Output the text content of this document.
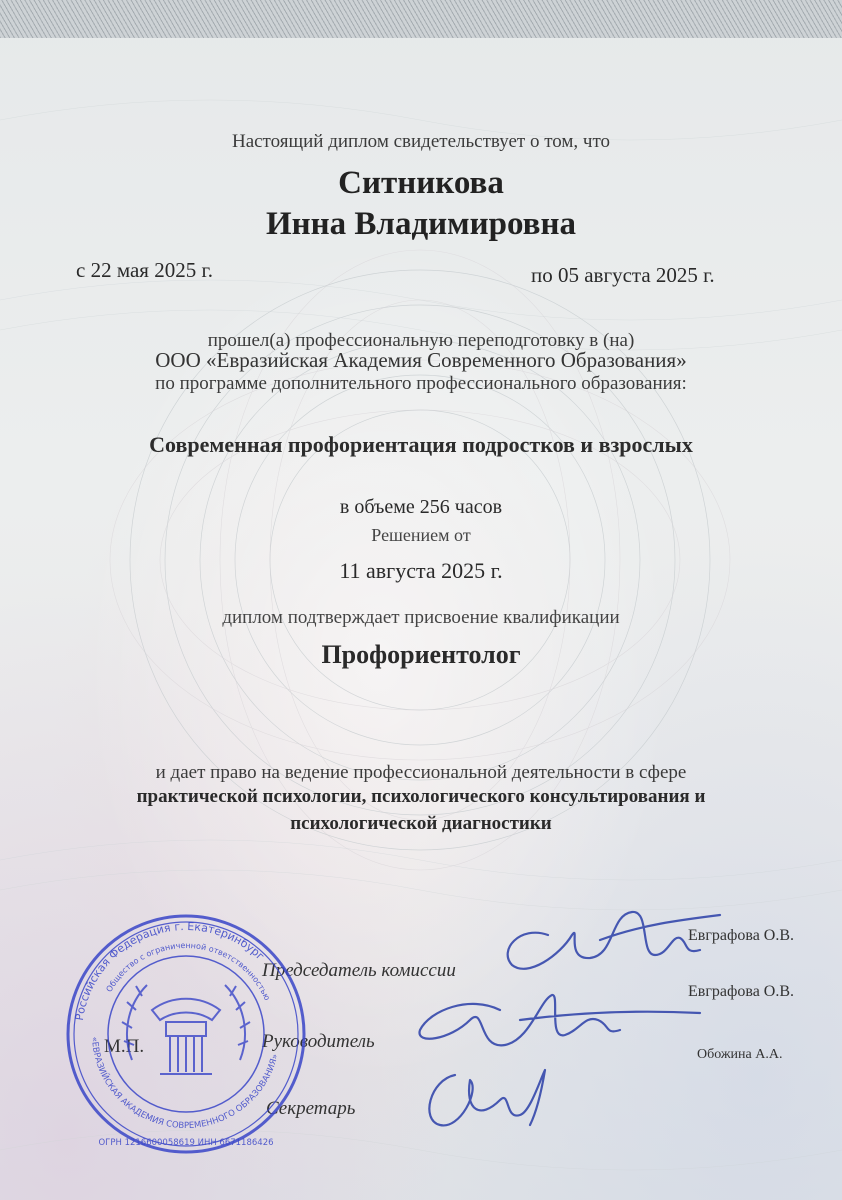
Настоящий диплом свидетельствует о том, что
Ситникова
Инна Владимировна
с 22 мая 2025 г.	по 05 августа 2025 г.
прошел(а) профессиональную переподготовку в (на)
ООО «Евразийская Академия Современного Образования»
по программе дополнительного профессионального образования:
Современная профориентация подростков и взрослых
в объеме 256 часов
Решением от
11 августа 2025 г.
диплом подтверждает присвоение квалификации
Профориентолог
и дает право на ведение профессиональной деятельности в сфере
практической психологии, психологического консультирования и
психологической диагностики
Председатель комиссии
Руководитель
Секретарь
Евграфова О.В.
Евграфова О.В.
Обожина А.А.
М.П.
Российская Федерация г. Екатеринбург
Общество с ограниченной ответственностью
«ЕВРАЗИЙСКАЯ АКАДЕМИЯ СОВРЕМЕННОГО ОБРАЗОВАНИЯ»
ОГРН 1216600058619 ИНН 6671186426
